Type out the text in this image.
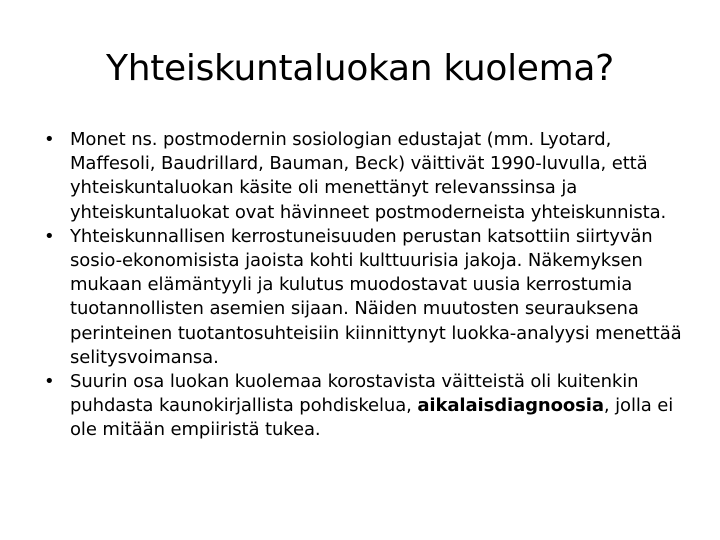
Yhteiskuntaluokan kuolema?
• Monet ns. postmodernin sosiologian edustajat (mm. Lyotard, Maffesoli, Baudrillard, Bauman, Beck) väittivät 1990-luvulla, että yhteiskuntaluokan käsite oli menettänyt relevanssinsa ja yhteiskuntaluokat ovat hävinneet postmoderneista yhteiskunnista.
• Yhteiskunnallisen kerrostuneisuuden perustan katsottiin siirtyvän sosio-ekonomisista jaoista kohti kulttuurisia jakoja. Näkemyksen mukaan elämäntyyli ja kulutus muodostavat uusia kerrostumia tuotannollisten asemien sijaan. Näiden muutosten seurauksena perinteinen tuotantosuhteisiin kiinnittynyt luokka-analyysi menettää selitysvoimansa.
• Suurin osa luokan kuolemaa korostavista väitteistä oli kuitenkin puhdasta kaunokirjallista pohdiskelua, aikalaisdiagnoosia, jolla ei ole mitään empiiristä tukea.
